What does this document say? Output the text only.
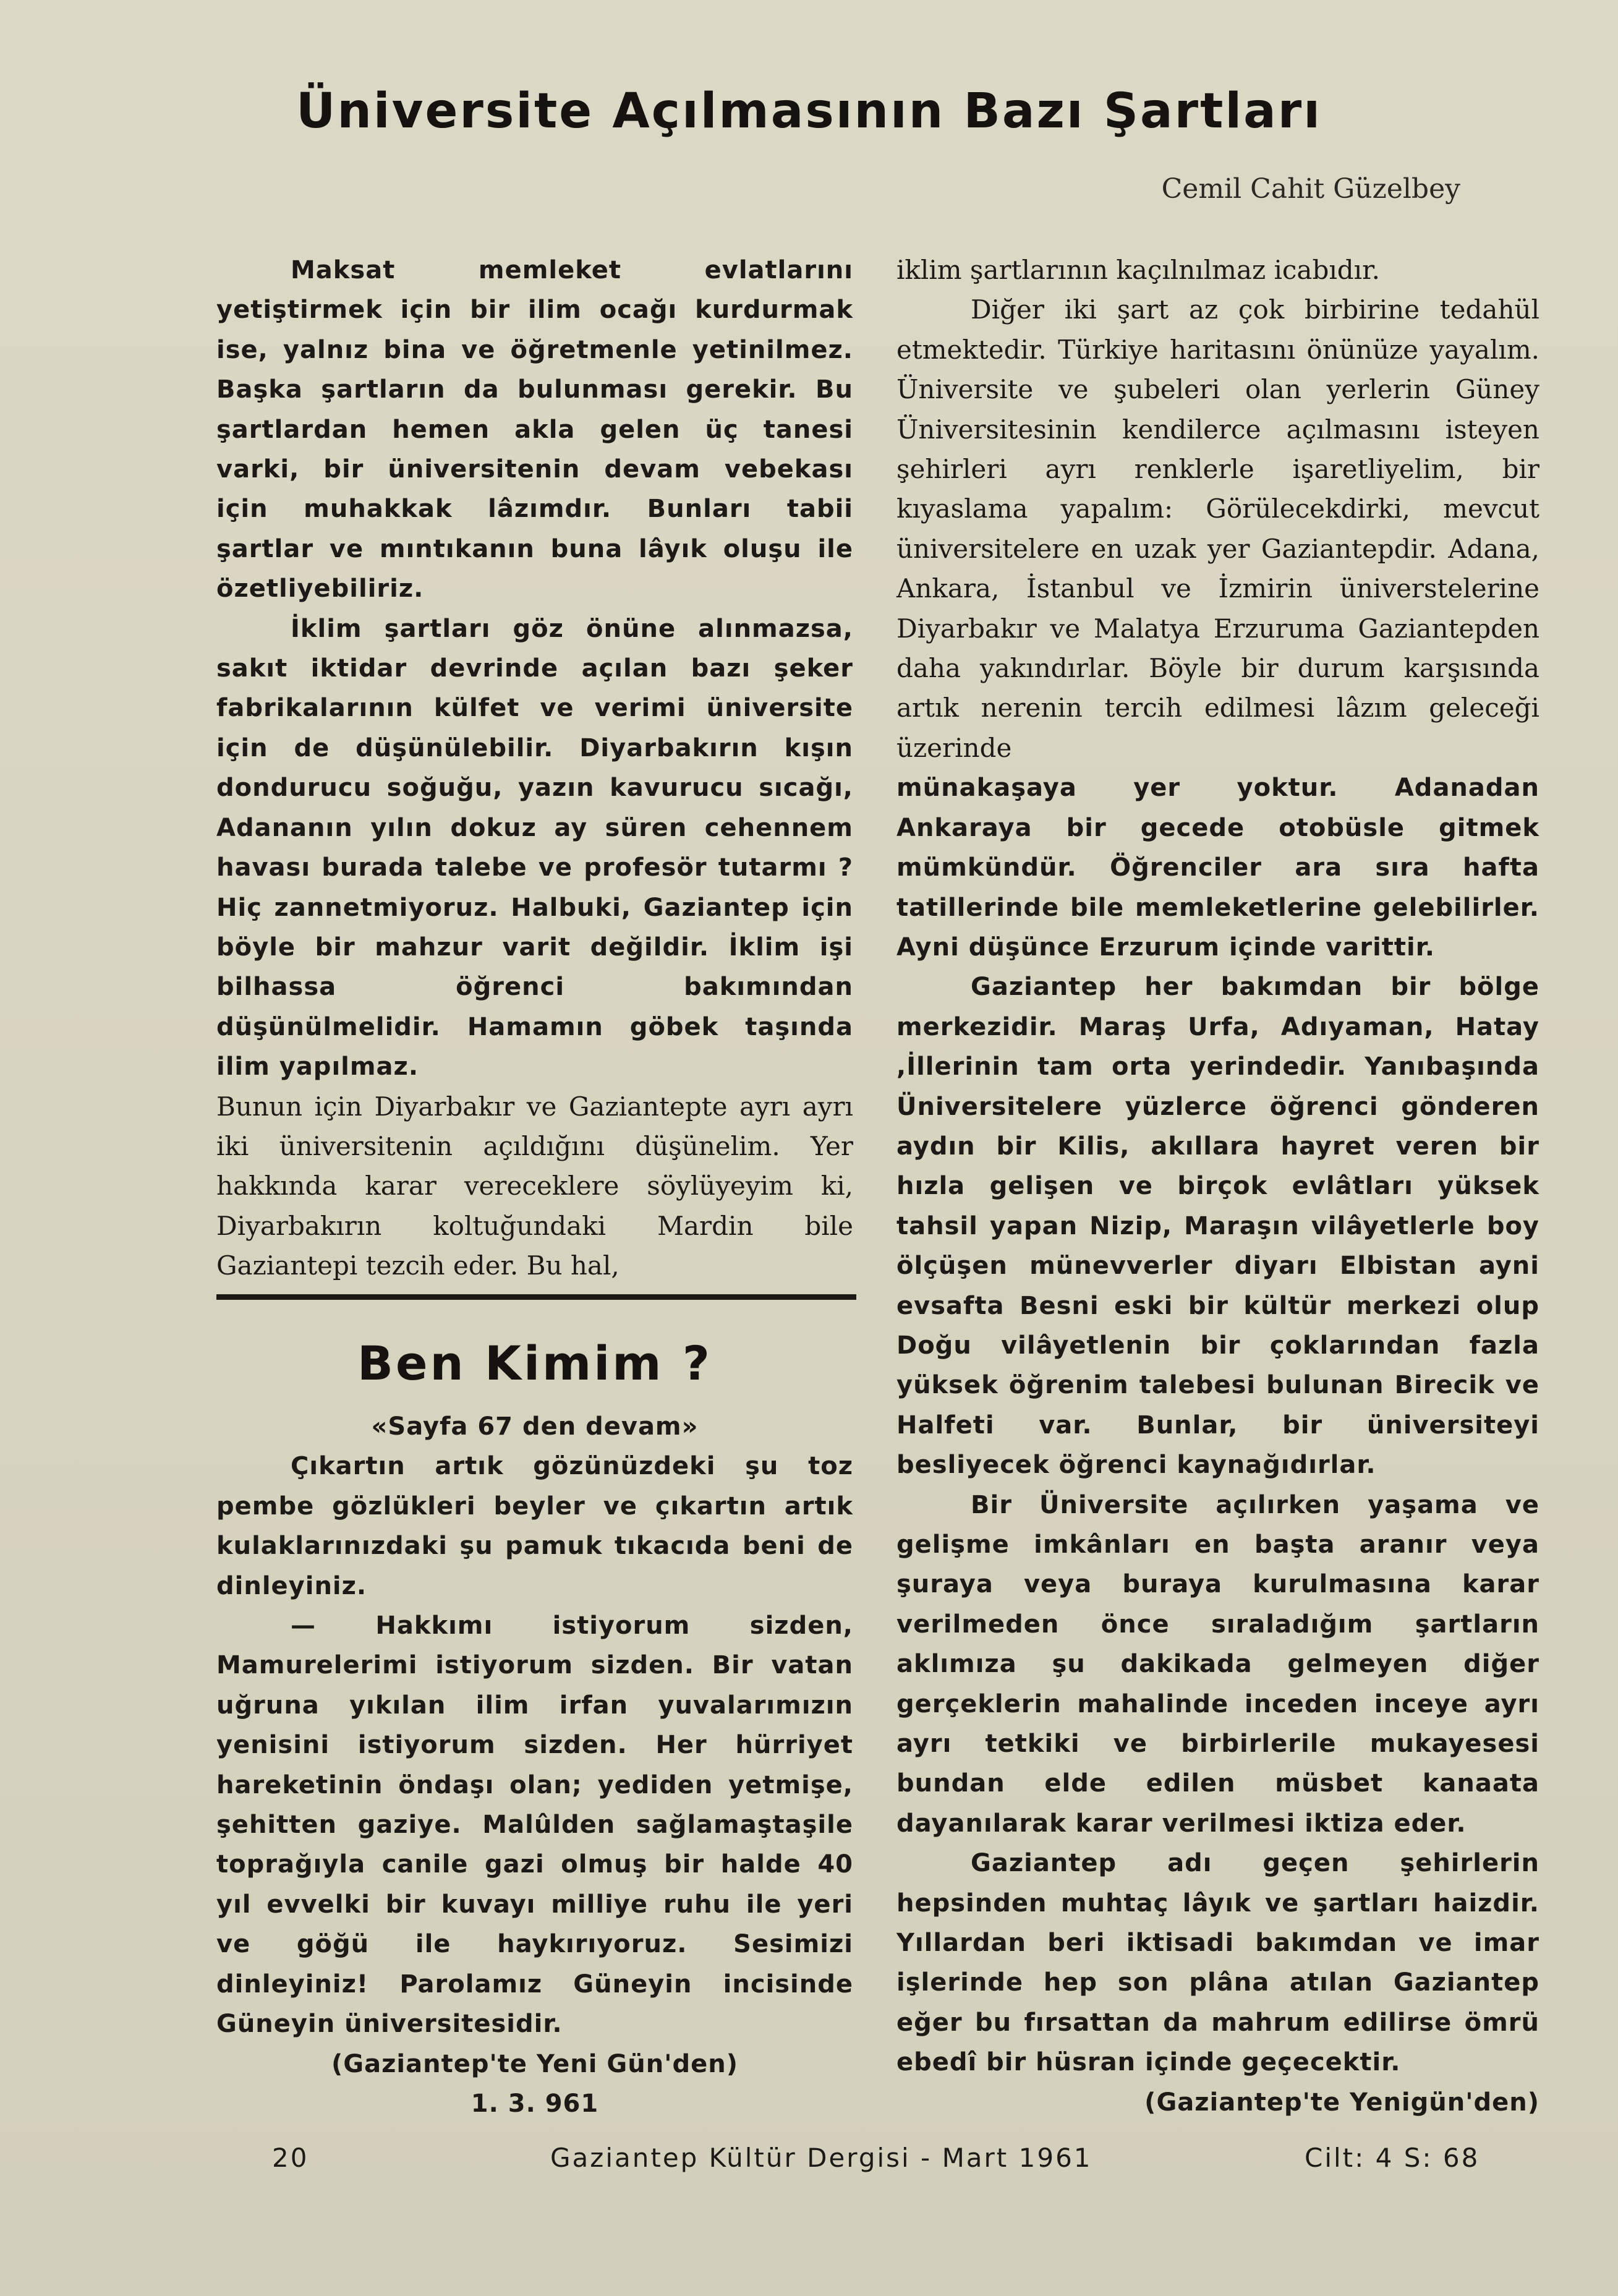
Üniversite Açılmasının Bazı Şartları
Cemil Cahit Güzelbey

Maksat memleket evlatlarını yetiştirmek için bir ilim ocağı kurdurmak ise, yalnız bina ve öğretmenle yetinilmez. Başka şartların da bulunması gerekir. Bu şartlardan hemen akla gelen üç tanesi varki, bir üniversitenin devam vebekası için muhakkak lâzımdır. Bunları tabii şartlar ve mıntıkanın buna lâyık oluşu ile özetliyebiliriz.

İklim şartları göz önüne alınmazsa, sakıt iktidar devrinde açılan bazı şeker fabrikalarının külfet ve verimi üniversite için de düşünülebilir. Diyarbakırın kışın dondurucu soğuğu, yazın kavurucu sıcağı, Adananın yılın dokuz ay süren cehennem havası burada talebe ve profesör tutarmı ? Hiç zannetmiyoruz. Halbuki, Gaziantep için böyle bir mahzur varit değildir. İklim işi bilhassa öğrenci bakımından düşünülmelidir. Hamamın göbek taşında ilim yapılmaz.

Bunun için Diyarbakır ve Gaziantepte ayrı ayrı iki üniversitenin açıldığını düşünelim. Yer hakkında karar vereceklere söylüyeyim ki, Diyarbakırın koltuğundaki Mardin bile Gaziantepi tezcih eder. Bu hal,

Ben Kimim ?

«Sayfa 67 den devam»

Çıkartın artık gözünüzdeki şu toz pembe gözlükleri beyler ve çıkartın artık kulaklarınızdaki şu pamuk tıkacıda beni de dinleyiniz.

— Hakkımı istiyorum sizden, Mamurelerimi istiyorum sizden. Bir vatan uğruna yıkılan ilim irfan yuvalarımızın yenisini istiyorum sizden. Her hürriyet hareketinin öndaşı olan; yediden yetmişe, şehitten gaziye. Malûlden sağlamaştaşile toprağıyla canile gazi olmuş bir halde 40 yıl evvelki bir kuvayı milliye ruhu ile yeri ve göğü ile haykırıyoruz. Sesimizi dinleyiniz! Parolamız Güneyin incisinde Güneyin üniversitesidir.

(Gaziantep'te Yeni Gün'den)

1. 3. 961

iklim şartlarının kaçılnılmaz icabıdır.

Diğer iki şart az çok birbirine tedahül etmektedir. Türkiye haritasını önünüze yayalım. Üniversite ve şubeleri olan yerlerin Güney Üniversitesinin kendilerce açılmasını isteyen şehirleri ayrı renklerle işaretliyelim, bir kıyaslama yapalım: Görülecekdirki, mevcut üniversitelere en uzak yer Gaziantepdir. Adana, Ankara, İstanbul ve İzmirin üniverstelerine Diyarbakır ve Malatya Erzuruma Gaziantepden daha yakındırlar. Böyle bir durum karşısında artık nerenin tercih edilmesi lâzım geleceği üzerinde

münakaşaya yer yoktur. Adanadan Ankaraya bir gecede otobüsle gitmek mümkündür. Öğrenciler ara sıra hafta tatillerinde bile memleketlerine gelebilirler. Ayni düşünce Erzurum içinde varittir.

Gaziantep her bakımdan bir bölge merkezidir. Maraş Urfa, Adıyaman, Hatay ,İllerinin tam orta yerindedir. Yanıbaşında Üniversitelere yüzlerce öğrenci gönderen aydın bir Kilis, akıllara hayret veren bir hızla gelişen ve birçok evlâtları yüksek tahsil yapan Nizip, Maraşın vilâyetlerle boy ölçüşen münevverler diyarı Elbistan ayni evsafta Besni eski bir kültür merkezi olup Doğu vilâyetlenin bir çoklarından fazla yüksek öğrenim talebesi bulunan Birecik ve Halfeti var. Bunlar, bir üniversiteyi besliyecek öğrenci kaynağıdırlar.

Bir Üniversite açılırken yaşama ve gelişme imkânları en başta aranır veya şuraya veya buraya kurulmasına karar verilmeden önce sıraladığım şartların aklımıza şu dakikada gelmeyen diğer gerçeklerin mahalinde inceden inceye ayrı ayrı tetkiki ve birbirlerile mukayesesi bundan elde edilen müsbet kanaata dayanılarak karar verilmesi iktiza eder.

Gaziantep adı geçen şehirlerin hepsinden muhtaç lâyık ve şartları haizdir. Yıllardan beri iktisadi bakımdan ve imar işlerinde hep son plâna atılan Gaziantep eğer bu fırsattan da mahrum edilirse ömrü ebedî bir hüsran içinde geçecektir.

(Gaziantep'te Yenigün'den)

20	Gaziantep Kültür Dergisi - Mart 1961	Cilt: 4 S: 68
